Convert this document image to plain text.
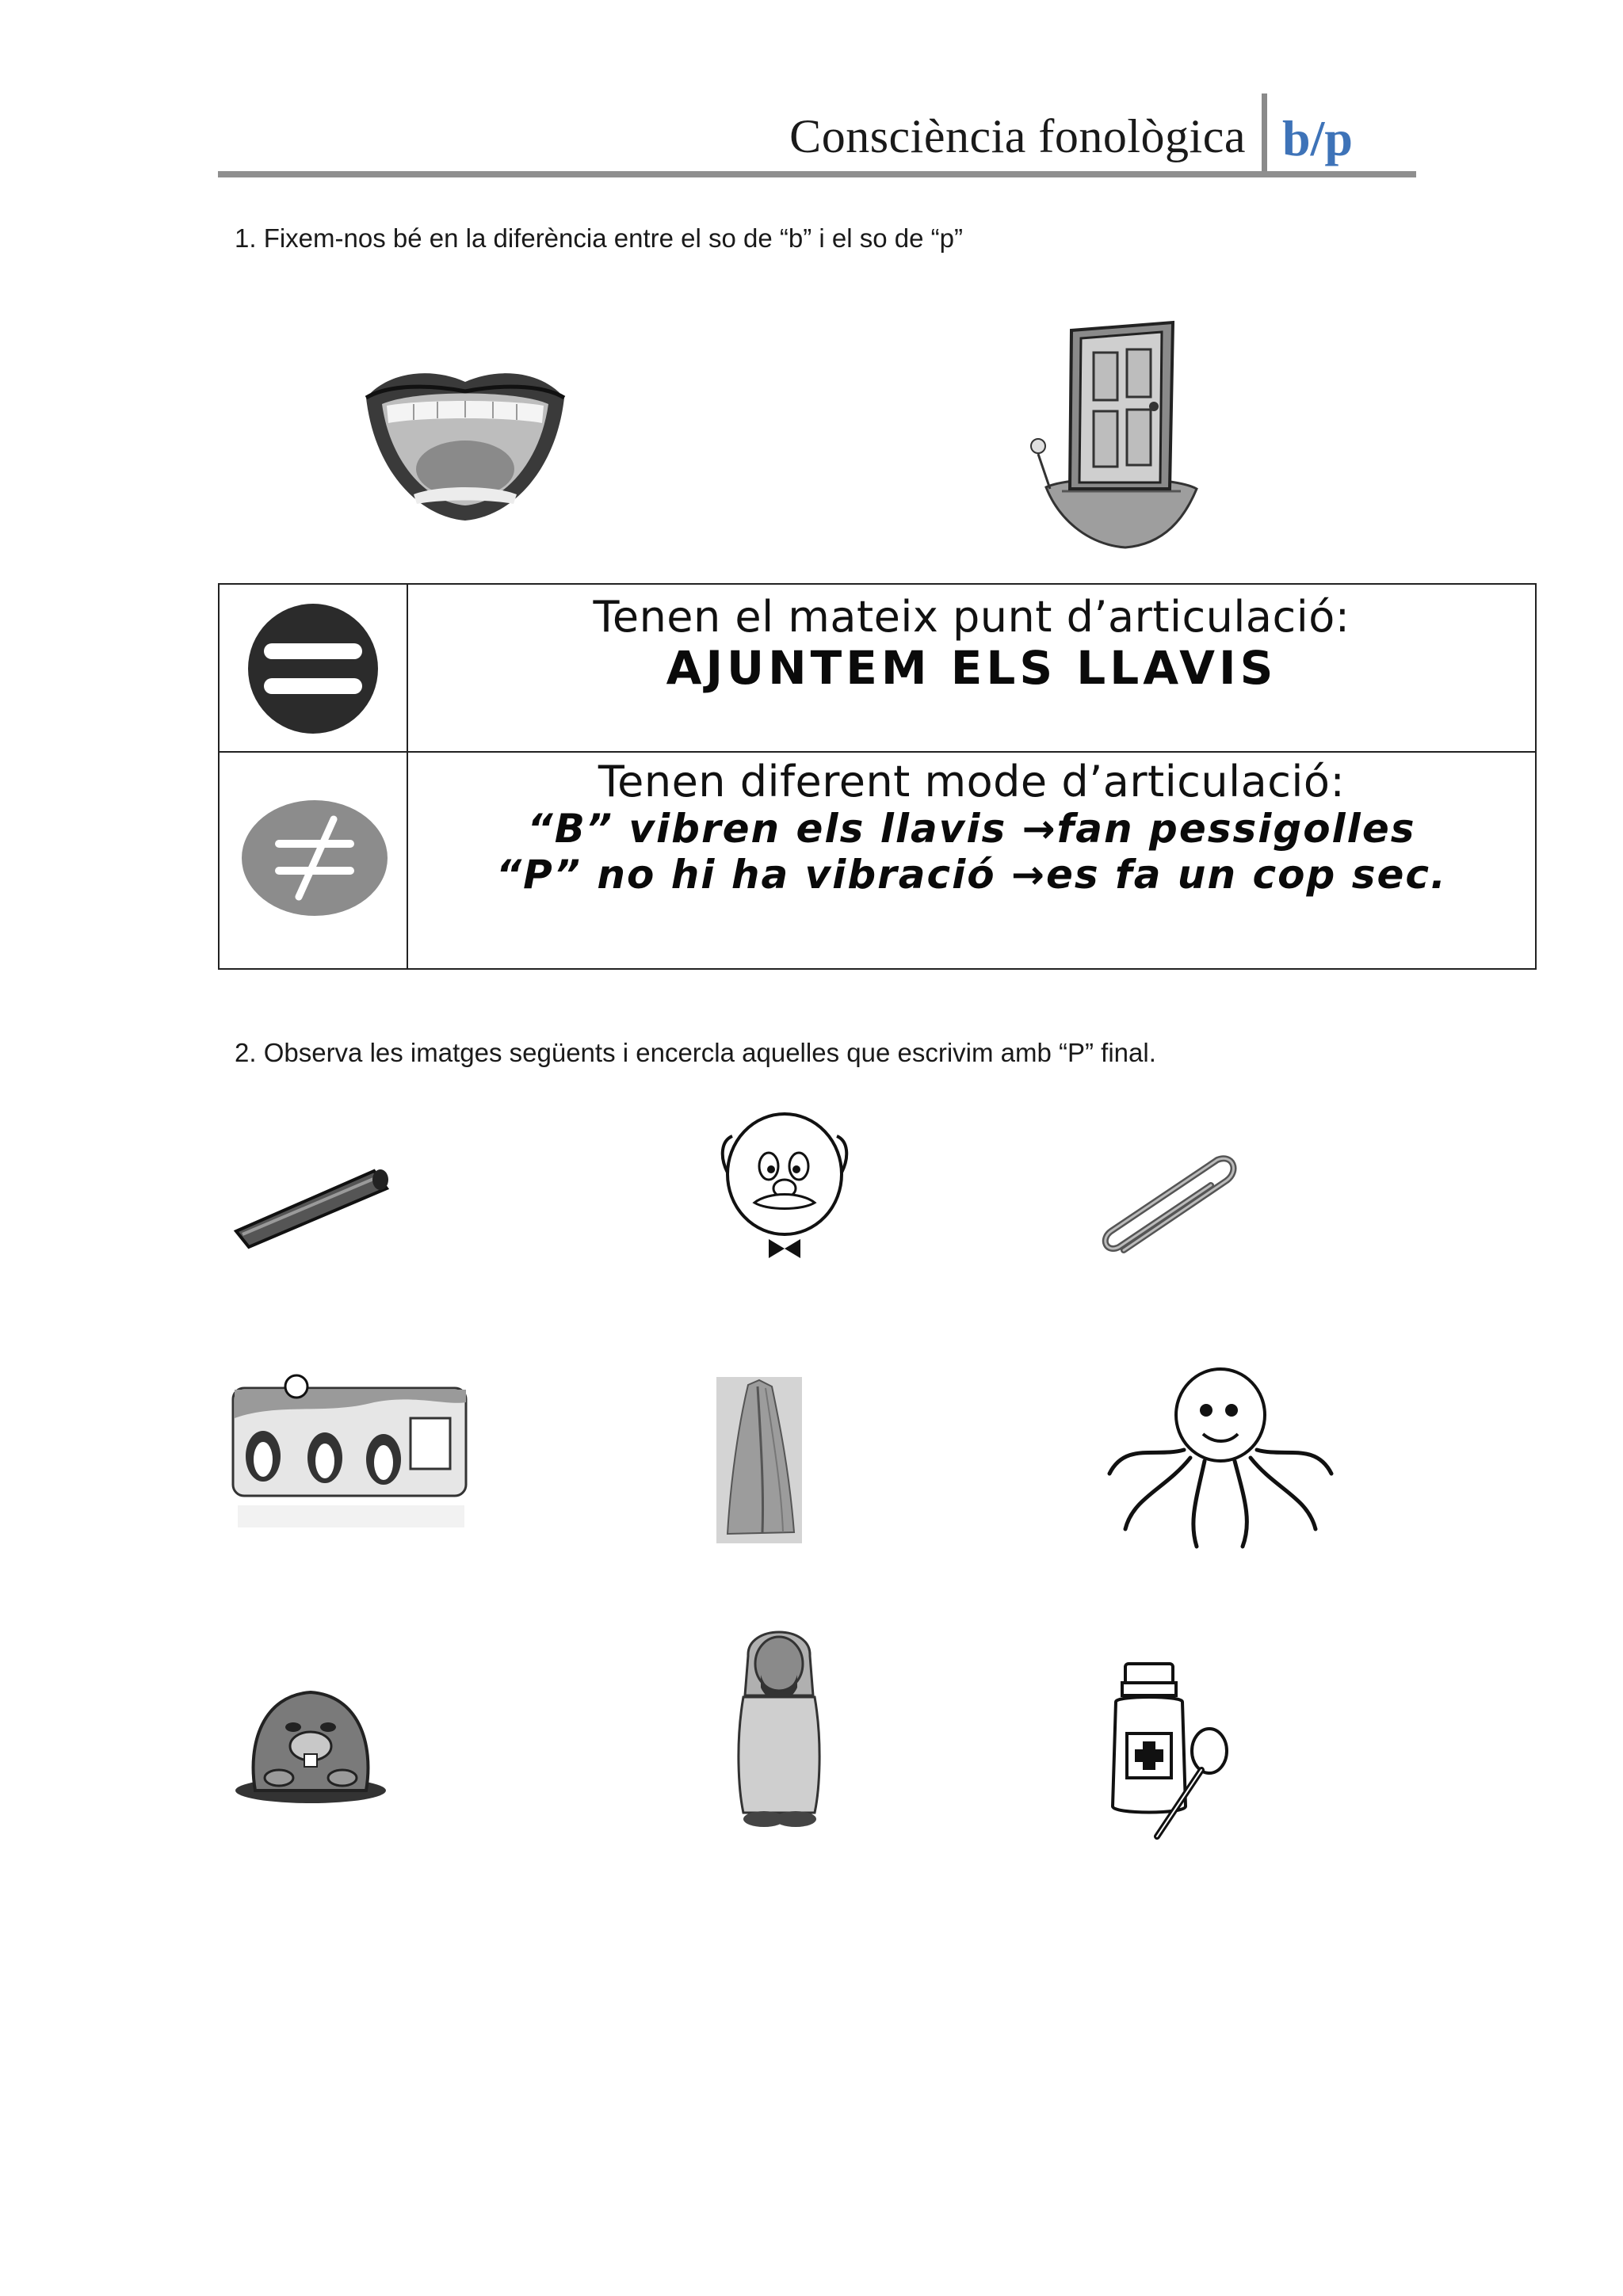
Consciència fonològica b/p
1. Fixem-nos bé en la diferència entre el so de “b” i el so de “p”
Tenen el mateix punt d’articulació:
AJUNTEM ELS LLAVIS
Tenen diferent mode d’articulació:
“B” vibren els llavis →fan pessigolles
“P” no hi ha vibració →es fa un cop sec.
2. Observa les imatges següents i encercla aquelles que escrivim amb “P” final.
